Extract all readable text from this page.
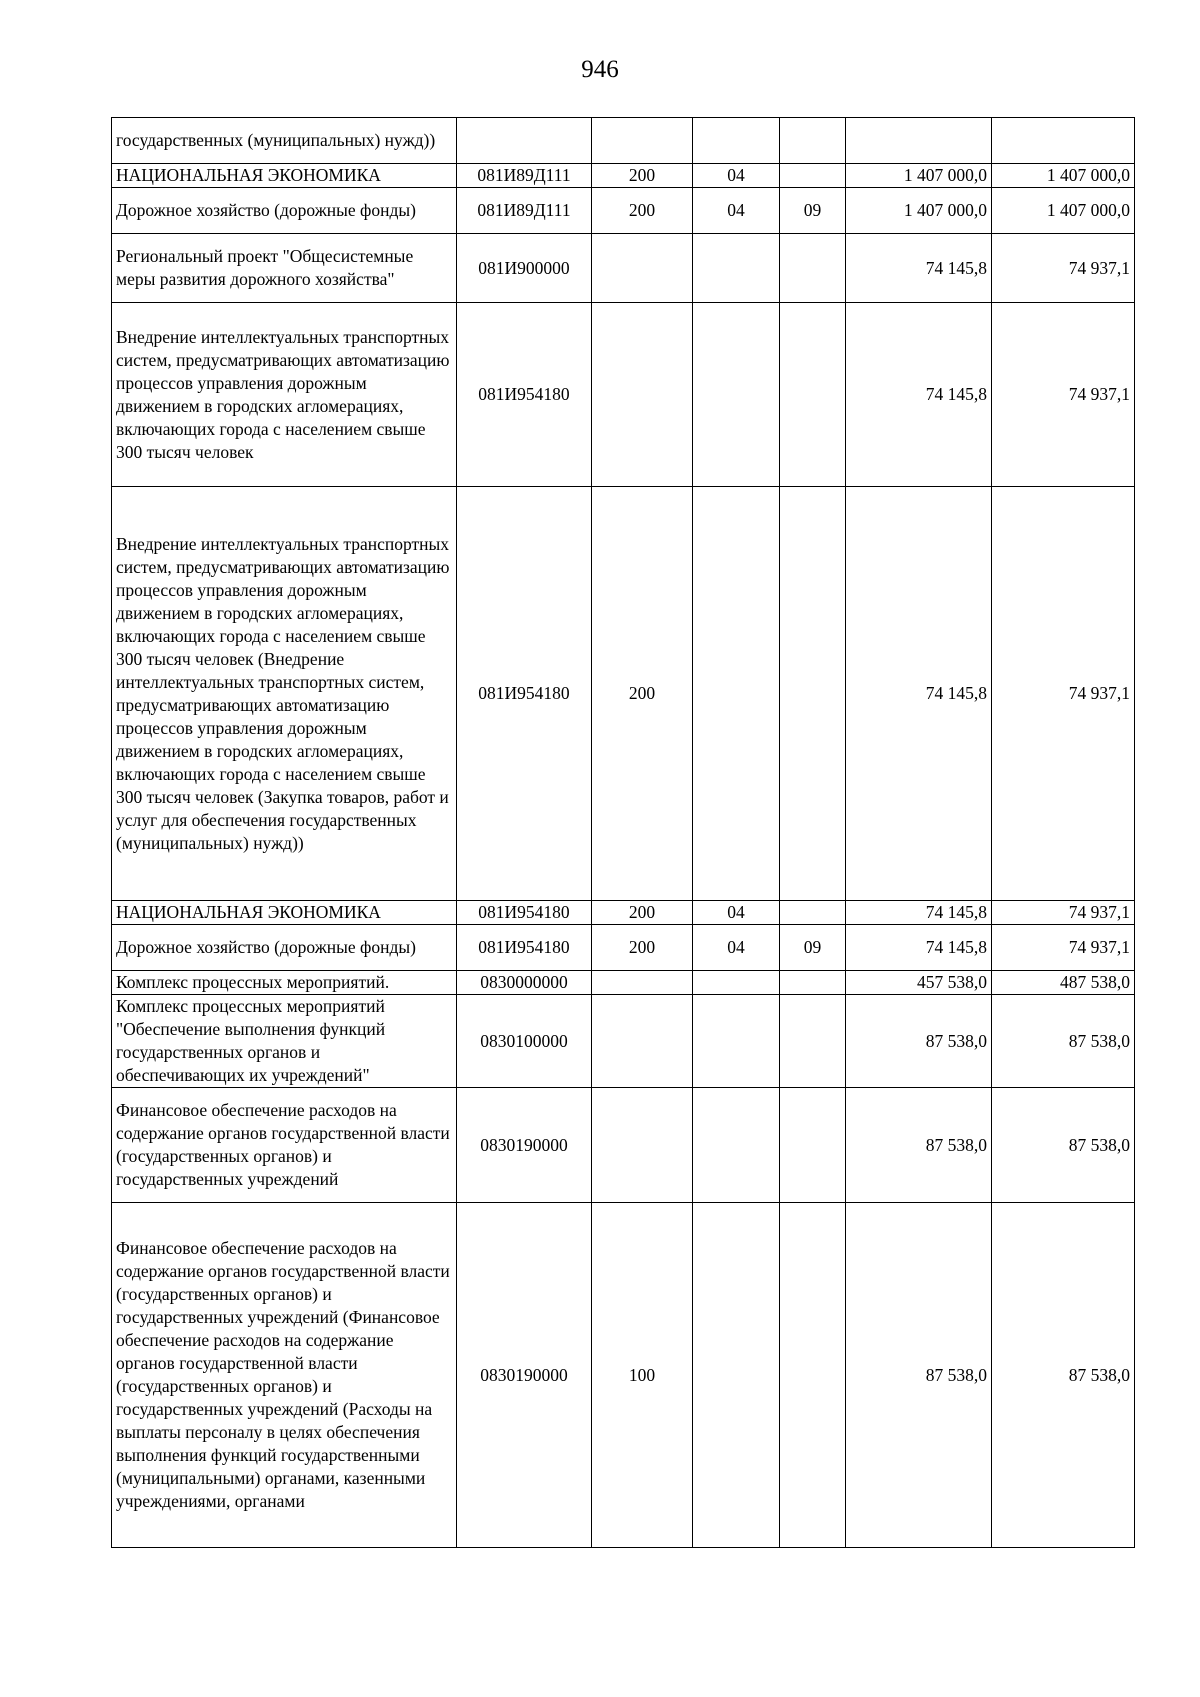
946
государственных (муниципальных) нужд))						
НАЦИОНАЛЬНАЯ ЭКОНОМИКА	081И89Д111	200	04		1 407 000,0	1 407 000,0
Дорожное хозяйство (дорожные фонды)	081И89Д111	200	04	09	1 407 000,0	1 407 000,0
Региональный проект "Общесистемные меры развития дорожного хозяйства"	081И900000				74 145,8	74 937,1
Внедрение интеллектуальных транспортных систем, предусматривающих автоматизацию процессов управления дорожным движением в городских агломерациях, включающих города с населением свыше 300 тысяч человек	081И954180				74 145,8	74 937,1
Внедрение интеллектуальных транспортных систем, предусматривающих автоматизацию процессов управления дорожным движением в городских агломерациях, включающих города с населением свыше 300 тысяч человек (Внедрение интеллектуальных транспортных систем, предусматривающих автоматизацию процессов управления дорожным движением в городских агломерациях, включающих города с населением свыше 300 тысяч человек (Закупка товаров, работ и услуг для обеспечения государственных (муниципальных) нужд))	081И954180	200			74 145,8	74 937,1
НАЦИОНАЛЬНАЯ ЭКОНОМИКА	081И954180	200	04		74 145,8	74 937,1
Дорожное хозяйство (дорожные фонды)	081И954180	200	04	09	74 145,8	74 937,1
Комплекс процессных мероприятий.	0830000000				457 538,0	487 538,0
Комплекс процессных мероприятий "Обеспечение выполнения функций государственных органов и обеспечивающих их учреждений"	0830100000				87 538,0	87 538,0
Финансовое обеспечение расходов на содержание органов государственной власти (государственных органов) и государственных учреждений	0830190000				87 538,0	87 538,0
Финансовое обеспечение расходов на содержание органов государственной власти (государственных органов) и государственных учреждений (Финансовое обеспечение расходов на содержание органов государственной власти (государственных органов) и государственных учреждений (Расходы на выплаты персоналу в целях обеспечения выполнения функций государственными (муниципальными) органами, казенными учреждениями, органами	0830190000	100			87 538,0	87 538,0
